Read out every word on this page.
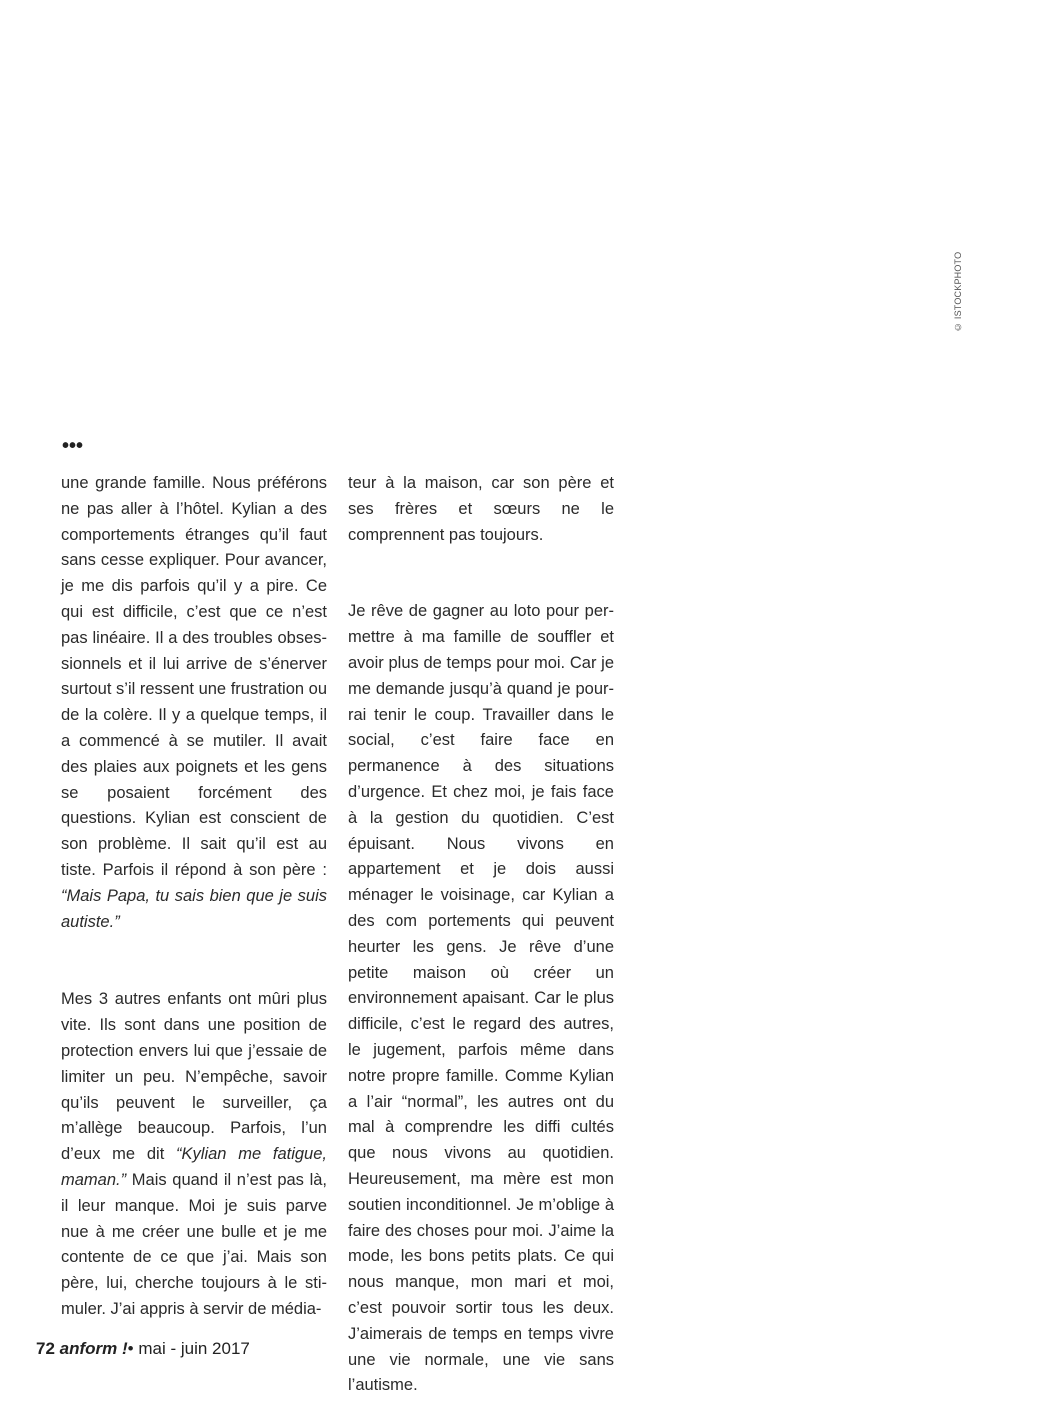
© ISTOCKPHOTO
•••

une grande famille. Nous préférons ne pas aller à l’hôtel. Kylian a des comportements étranges qu’il faut sans cesse expliquer. Pour avancer, je me dis parfois qu’il y a pire. Ce qui est difficile, c’est que ce n’est pas linéaire. Il a des troubles obsessionnels et il lui arrive de s’énerver surtout s’il ressent une frustration ou de la colère. Il y a quelque temps, il a commencé à se mutiler. Il avait des plaies aux poignets et les gens se posaient forcément des questions. Kylian est conscient de son problème. Il sait qu’il est au tiste. Parfois il répond à son père : “Mais Papa, tu sais bien que je suis autiste.”

Mes 3 autres enfants ont mûri plus vite. Ils sont dans une position de protection envers lui que j’essaie de limiter un peu. N’empêche, savoir qu’ils peuvent le surveiller, ça m’allège beaucoup. Parfois, l’un d’eux me dit “Kylian me fatigue, maman.” Mais quand il n’est pas là, il leur manque. Moi je suis parve nue à me créer une bulle et je me contente de ce que j’ai. Mais son père, lui, cherche toujours à le stimuler. J’ai appris à servir de média-

teur à la maison, car son père et ses frères et sœurs ne le comprennent pas toujours.

Je rêve de gagner au loto pour permettre à ma famille de souffler et avoir plus de temps pour moi. Car je me demande jusqu’à quand je pourrai tenir le coup. Travailler dans le social, c’est faire face en permanence à des situations d’urgence. Et chez moi, je fais face à la gestion du quotidien. C’est épuisant. Nous vivons en appartement et je dois aussi ménager le voisinage, car Kylian a des com portements qui peuvent heurter les gens. Je rêve d’une petite maison où créer un environnement apaisant. Car le plus difficile, c’est le regard des autres, le jugement, parfois même dans notre propre famille. Comme Kylian a l’air “normal”, les autres ont du mal à comprendre les diffi cultés que nous vivons au quotidien. Heureusement, ma mère est mon soutien inconditionnel. Je m’oblige à faire des choses pour moi. J’aime la mode, les bons petits plats. Ce qui nous manque, mon mari et moi, c’est pouvoir sortir tous les deux. J’aimerais de temps en temps vivre une vie normale, une vie sans l’autisme.

72 anform !• mai - juin 2017
